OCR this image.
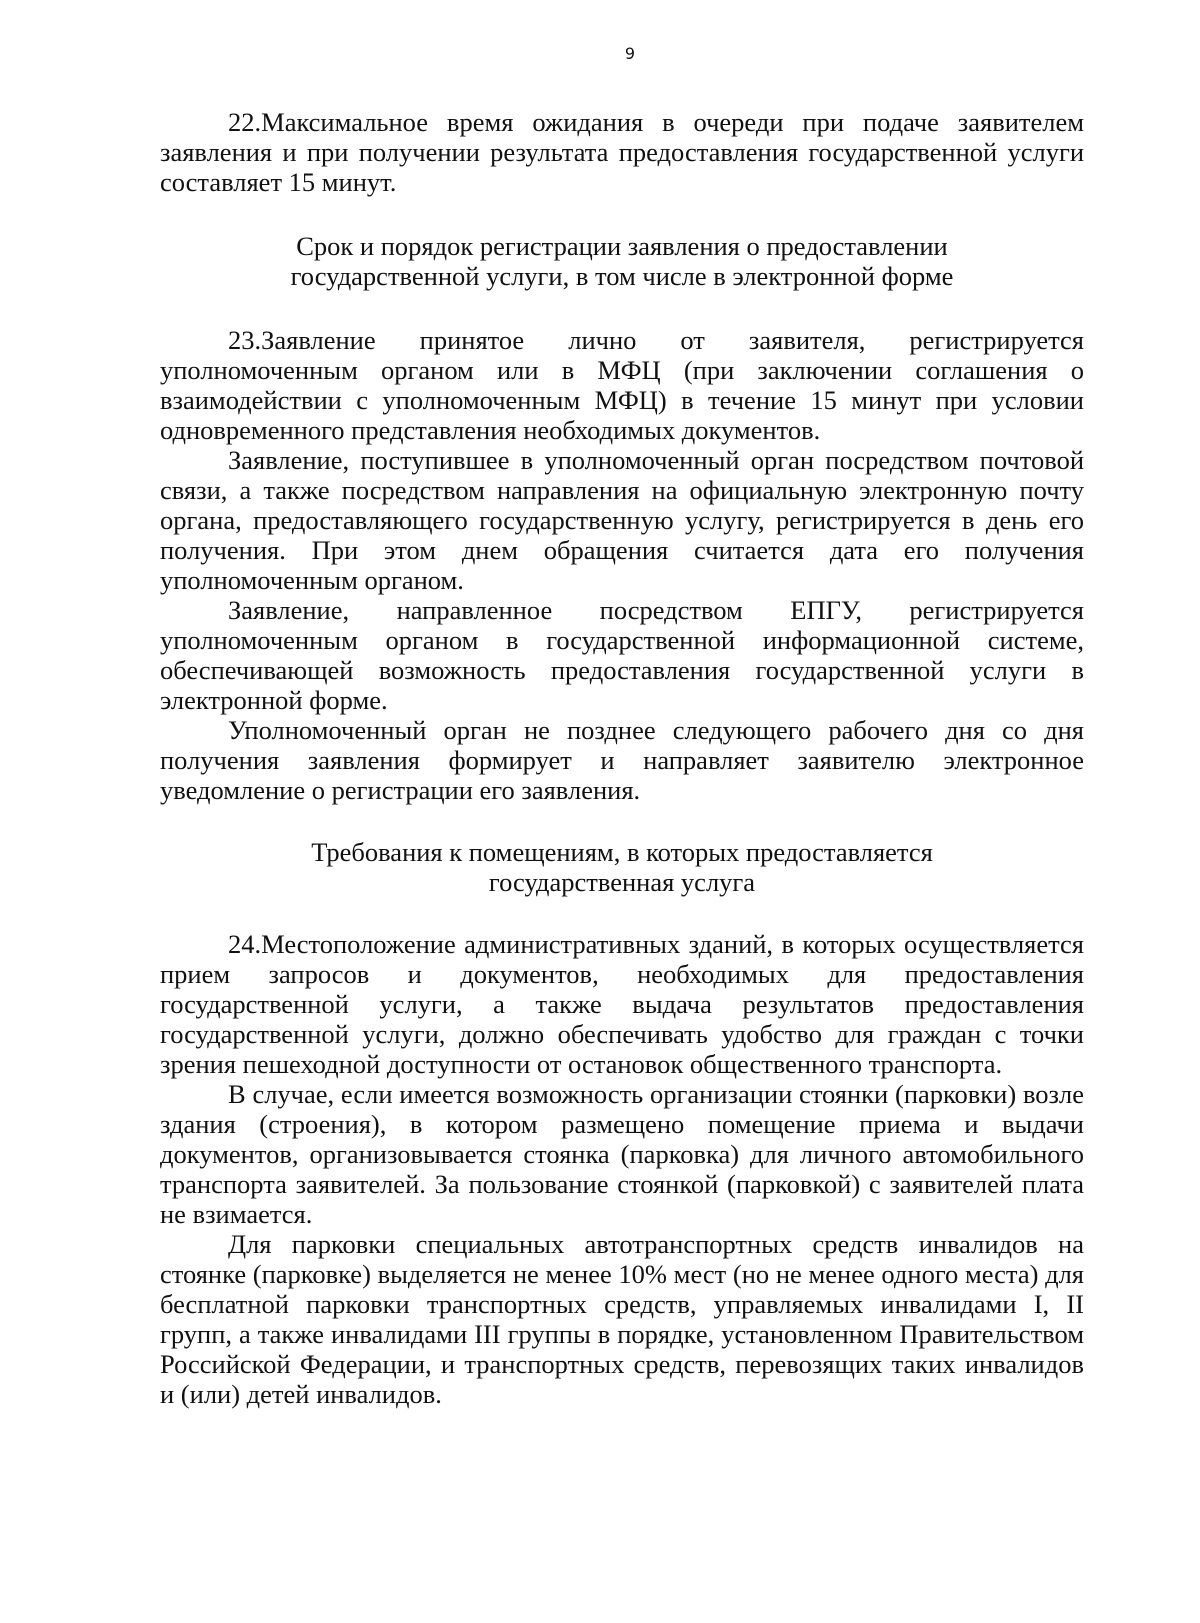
9

22.Максимальное время ожидания в очереди при подаче заявителем заявления и при получении результата предоставления государственной услуги составляет 15 минут.

Срок и порядок регистрации заявления о предоставлении
государственной услуги, в том числе в электронной форме

23.Заявление принятое лично от заявителя, регистрируется уполномоченным органом или в МФЦ (при заключении соглашения о взаимодействии с уполномоченным МФЦ) в течение 15 минут при условии одновременного представления необходимых документов.

Заявление, поступившее в уполномоченный орган посредством почтовой связи, а также посредством направления на официальную электронную почту органа, предоставляющего государственную услугу, регистрируется в день его получения. При этом днем обращения считается дата его получения уполномоченным органом.

Заявление, направленное посредством ЕПГУ, регистрируется уполномоченным органом в государственной информационной системе, обеспечивающей возможность предоставления государственной услуги в электронной форме.

Уполномоченный орган не позднее следующего рабочего дня со дня получения заявления формирует и направляет заявителю электронное уведомление о регистрации его заявления.

Требования к помещениям, в которых предоставляется
государственная услуга

24.Местоположение административных зданий, в которых осуществляется прием запросов и документов, необходимых для предоставления государственной услуги, а также выдача результатов предоставления государственной услуги, должно обеспечивать удобство для граждан с точки зрения пешеходной доступности от остановок общественного транспорта.

В случае, если имеется возможность организации стоянки (парковки) возле здания (строения), в котором размещено помещение приема и выдачи документов, организовывается стоянка (парковка) для личного автомобильного транспорта заявителей. За пользование стоянкой (парковкой) с заявителей плата не взимается.

Для парковки специальных автотранспортных средств инвалидов на стоянке (парковке) выделяется не менее 10% мест (но не менее одного места) для бесплатной парковки транспортных средств, управляемых инвалидами I, II групп, а также инвалидами III группы в порядке, установленном Правительством Российской Федерации, и транспортных средств, перевозящих таких инвалидов и (или) детей инвалидов.
